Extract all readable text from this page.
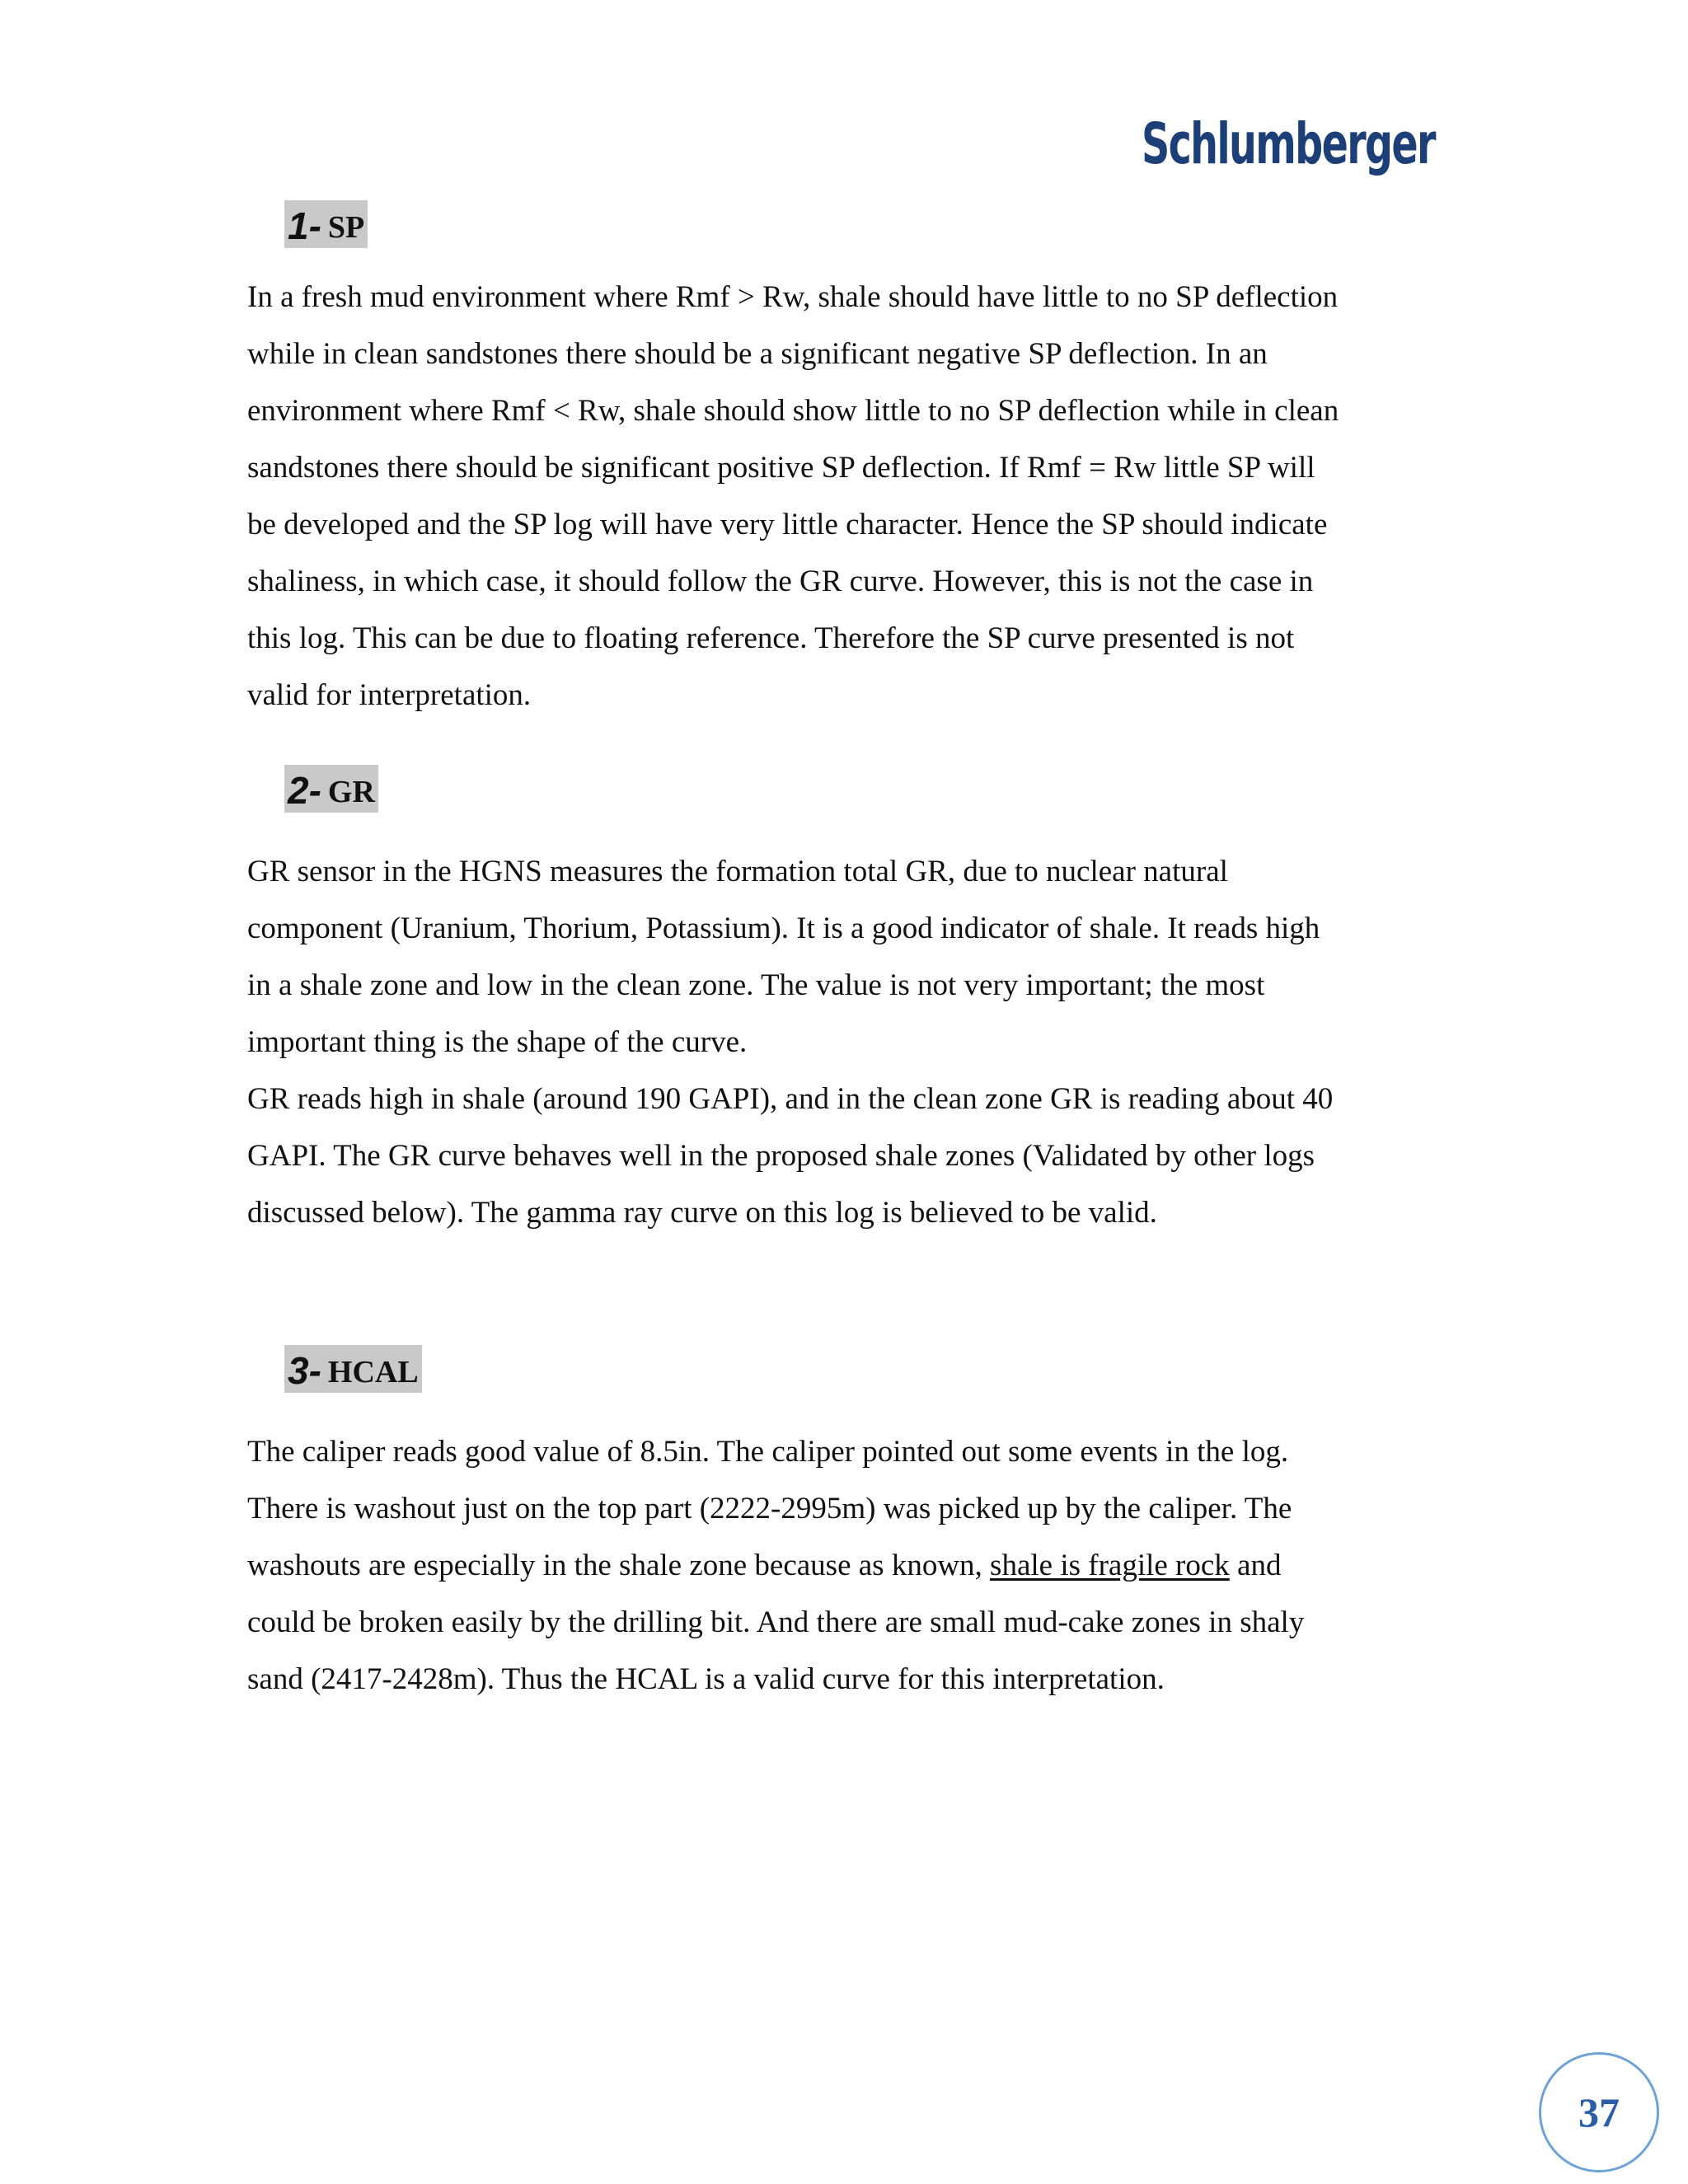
Schlumberger
1- SP

In a fresh mud environment where Rmf > Rw, shale should have little to no SP deflection
while in clean sandstones there should be a significant negative SP deflection. In an
environment where Rmf < Rw, shale should show little to no SP deflection while in clean
sandstones there should be significant positive SP deflection. If Rmf = Rw little SP will
be developed and the SP log will have very little character. Hence the SP should indicate
shaliness, in which case, it should follow the GR curve. However, this is not the case in
this log. This can be due to floating reference. Therefore the SP curve presented is not
valid for interpretation.

2- GR

GR sensor in the HGNS measures the formation total GR, due to nuclear natural
component (Uranium, Thorium, Potassium). It is a good indicator of shale. It reads high
in a shale zone and low in the clean zone. The value is not very important; the most
important thing is the shape of the curve.
GR reads high in shale (around 190 GAPI), and in the clean zone GR is reading about 40
GAPI. The GR curve behaves well in the proposed shale zones (Validated by other logs
discussed below). The gamma ray curve on this log is believed to be valid.

3- HCAL

The caliper reads good value of 8.5in. The caliper pointed out some events in the log.
There is washout just on the top part (2222-2995m) was picked up by the caliper. The
washouts are especially in the shale zone because as known, shale is fragile rock and
could be broken easily by the drilling bit. And there are small mud-cake zones in shaly
sand (2417-2428m). Thus the HCAL is a valid curve for this interpretation.

37
